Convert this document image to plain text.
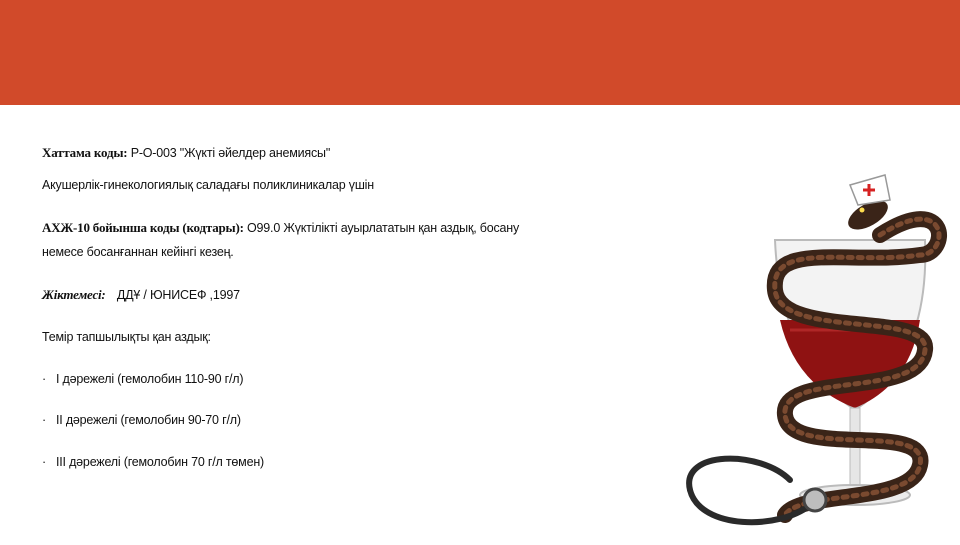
Хаттама коды: Р-О-003 "Жүкті әйелдер анемиясы"
Акушерлік-гинекологиялық саладағы поликлиникалар үшін
АХЖ-10 бойынша коды (кодтары): О99.0 Жүктілікті ауырлататын қан аздық, босану
немесе босанғаннан кейінгі кезең.
Жіктемесі: ДДҰ / ЮНИСЕФ ,1997
Темір тапшылықты қан аздық:
· I дәрежелі (гемолобин 110-90 г/л)
· II дәрежелі (гемолобин 90-70 г/л)
· III дәрежелі (гемолобин 70 г/л төмен)
